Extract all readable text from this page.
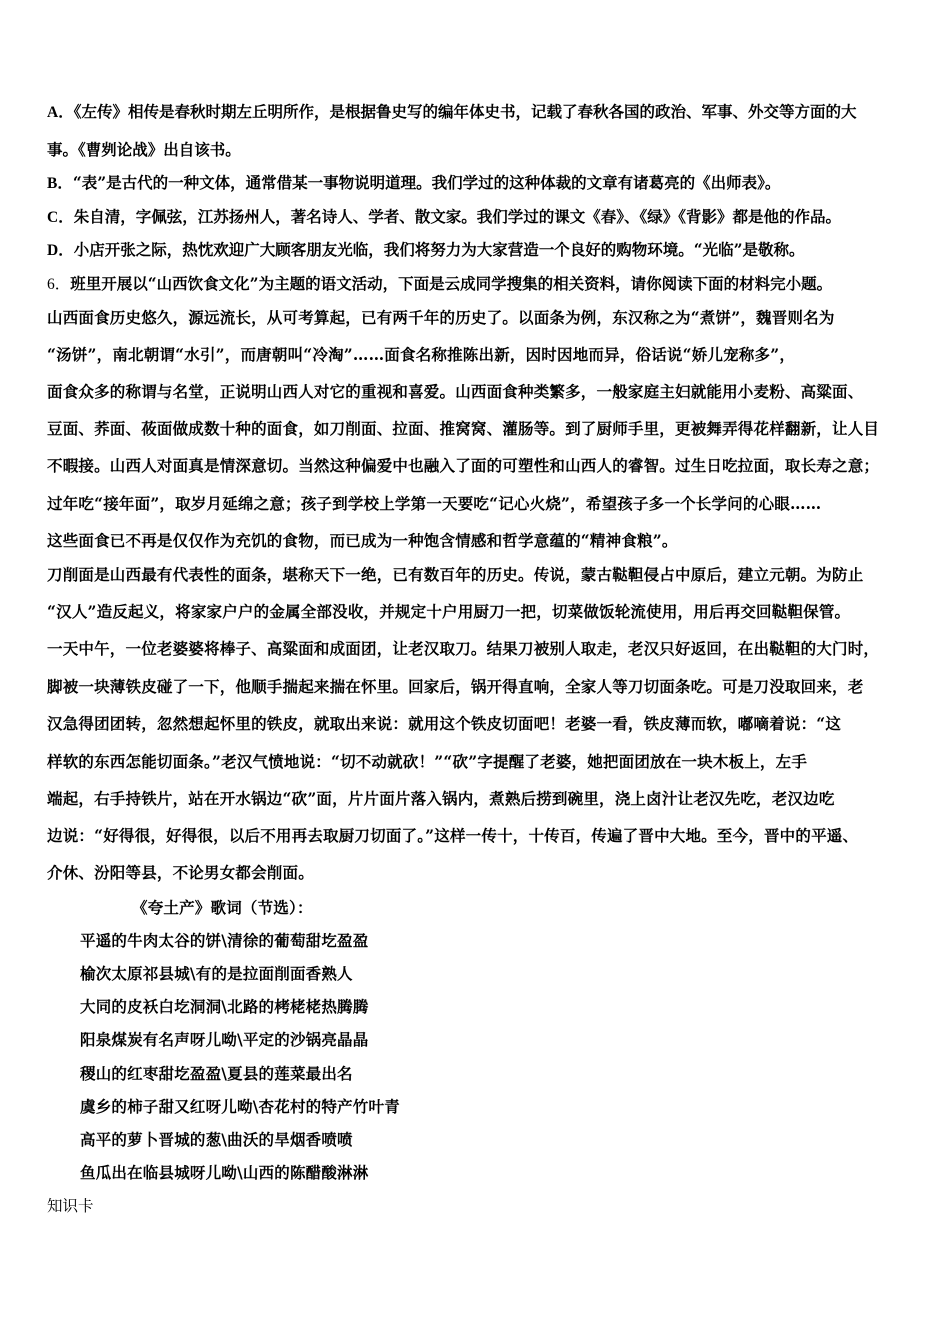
A．《左传》相传是春秋时期左丘明所作，是根据鲁史写的编年体史书，记载了春秋各国的政治、军事、外交等方面的大
事。《曹刿论战》出自该书。
B．“表”是古代的一种文体，通常借某一事物说明道理。我们学过的这种体裁的文章有诸葛亮的《出师表》。
C．朱自清，字佩弦，江苏扬州人，著名诗人、学者、散文家。我们学过的课文《春》、《绿》《背影》都是他的作品。
D．小店开张之际，热忱欢迎广大顾客朋友光临，我们将努力为大家营造一个良好的购物环境。“光临”是敬称。
6．班里开展以“山西饮食文化”为主题的语文活动，下面是云成同学搜集的相关资料，请你阅读下面的材料完小题。
山西面食历史悠久，源远流长，从可考算起，已有两千年的历史了。以面条为例，东汉称之为“煮饼”，魏晋则名为
“汤饼”，南北朝谓“水引”，而唐朝叫“冷淘”……面食名称推陈出新，因时因地而异，俗话说“娇儿宠称多”，
面食众多的称谓与名堂，正说明山西人对它的重视和喜爱。山西面食种类繁多，一般家庭主妇就能用小麦粉、高粱面、
豆面、荞面、莜面做成数十种的面食，如刀削面、拉面、推窝窝、灌肠等。到了厨师手里，更被舞弄得花样翻新，让人目
不暇接。山西人对面真是情深意切。当然这种偏爱中也融入了面的可塑性和山西人的睿智。过生日吃拉面，取长寿之意；
过年吃“接年面”，取岁月延绵之意；孩子到学校上学第一天要吃“记心火烧”，希望孩子多一个长学问的心眼……
这些面食已不再是仅仅作为充饥的食物，而已成为一种饱含情感和哲学意蕴的“精神食粮”。
刀削面是山西最有代表性的面条，堪称天下一绝，已有数百年的历史。传说，蒙古鞑靼侵占中原后，建立元朝。为防止
“汉人”造反起义，将家家户户的金属全部没收，并规定十户用厨刀一把，切菜做饭轮流使用，用后再交回鞑靼保管。
一天中午，一位老婆婆将棒子、高粱面和成面团，让老汉取刀。结果刀被别人取走，老汉只好返回，在出鞑靼的大门时，
脚被一块薄铁皮碰了一下，他顺手揣起来揣在怀里。回家后，锅开得直响，全家人等刀切面条吃。可是刀没取回来，老
汉急得团团转，忽然想起怀里的铁皮，就取出来说：就用这个铁皮切面吧！老婆一看，铁皮薄而软，嘟嘀着说：“这
样软的东西怎能切面条。”老汉气愤地说：“切不动就砍！”“砍”字提醒了老婆，她把面团放在一块木板上，左手
端起，右手持铁片，站在开水锅边“砍”面，片片面片落入锅内，煮熟后捞到碗里，浇上卤汁让老汉先吃，老汉边吃
边说：“好得很，好得很，以后不用再去取厨刀切面了。”这样一传十，十传百，传遍了晋中大地。至今，晋中的平遥、
介休、汾阳等县，不论男女都会削面。
《夸土产》歌词（节选）：
平遥的牛肉太谷的饼\清徐的葡萄甜圪盈盈
榆次太原祁县城\有的是拉面削面香熟人
大同的皮袄白圪洞洞\北路的栲栳栳热腾腾
阳泉煤炭有名声呀儿呦\平定的沙锅亮晶晶
稷山的红枣甜圪盈盈\夏县的莲菜最出名
虞乡的柿子甜又红呀儿呦\杏花村的特产竹叶青
高平的萝卜晋城的葱\曲沃的旱烟香喷喷
鱼瓜出在临县城呀儿呦\山西的陈醋酸淋淋
知识卡
